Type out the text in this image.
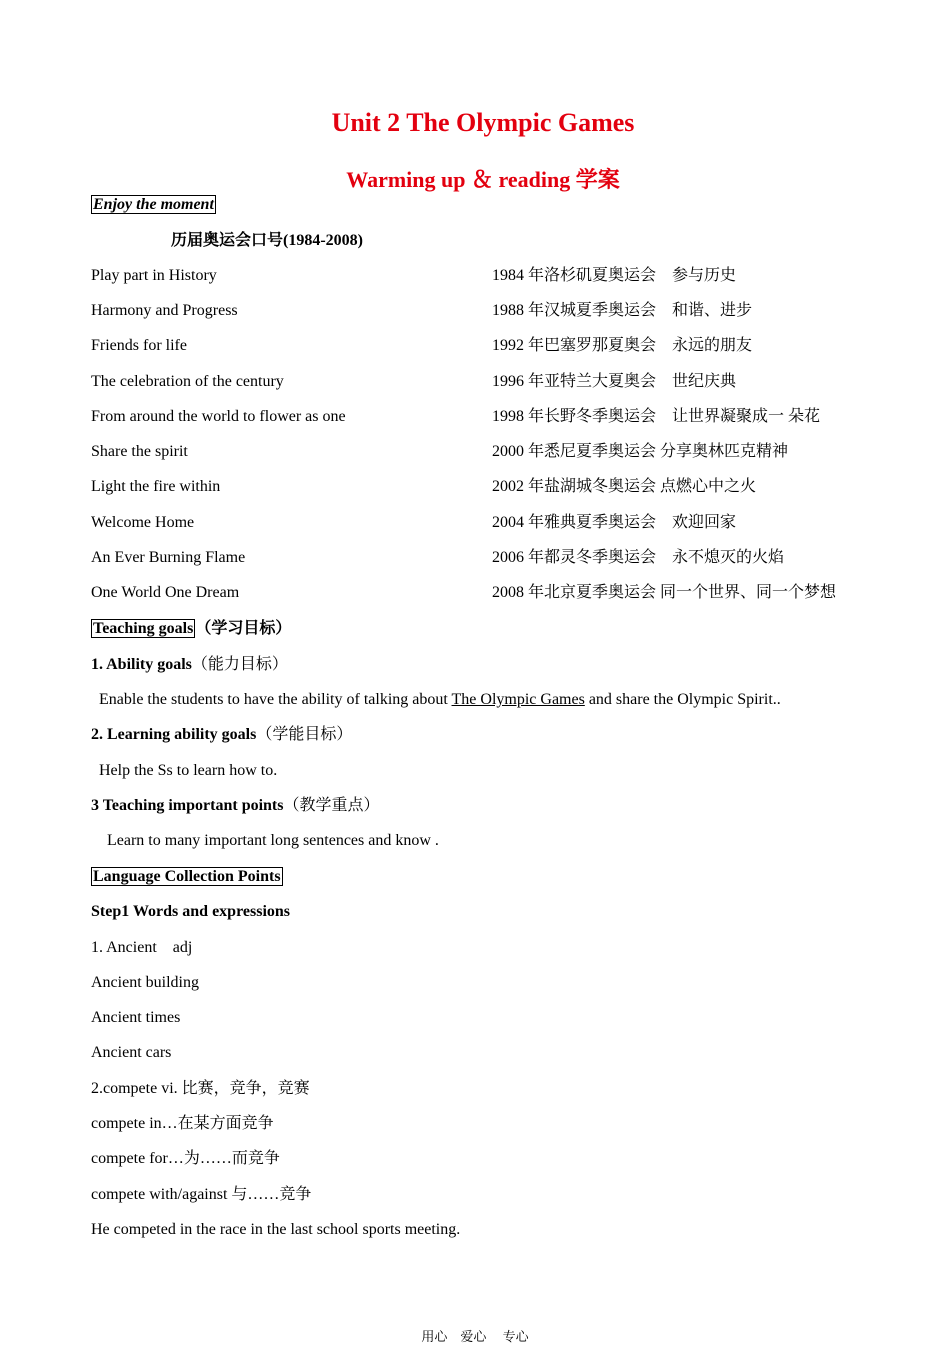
Unit 2 The Olympic Games
Warming up ＆ reading 学案
Enjoy the moment
历届奥运会口号(1984-2008)
Play part in History	1984 年洛杉矶夏奥运会　参与历史
Harmony and Progress	1988 年汉城夏季奥运会　和谐、进步
Friends for life	1992 年巴塞罗那夏奥会　永远的朋友
The celebration of the century	1996 年亚特兰大夏奥会　世纪庆典
From around the world to flower as one	1998 年长野冬季奥运会　让世界凝聚成一 朵花
Share the spirit	2000 年悉尼夏季奥运会 分享奥林匹克精神
Light the fire within	2002 年盐湖城冬奥运会 点燃心中之火
Welcome Home	2004 年雅典夏季奥运会　欢迎回家
An Ever Burning Flame	2006 年都灵冬季奥运会　永不熄灭的火焰
One World One Dream	2008 年北京夏季奥运会 同一个世界、同一个梦想
Teaching goals （学习目标）
1. Ability goals（能力目标）
Enable the students to have the ability of talking about The Olympic Games and share the Olympic Spirit..
2. Learning ability goals（学能目标）
Help the Ss to learn how to.
3 Teaching important points（教学重点）
Learn to many important long sentences and know .
Language Collection Points
Step1 Words and expressions
1. Ancient　adj
Ancient building
Ancient times
Ancient cars
2.compete vi. 比赛，竞争，竞赛
compete in…在某方面竞争
compete for…为……而竞争
compete with/against 与……竞争
He competed in the race in the last school sports meeting.
用心　爱心　 专心
